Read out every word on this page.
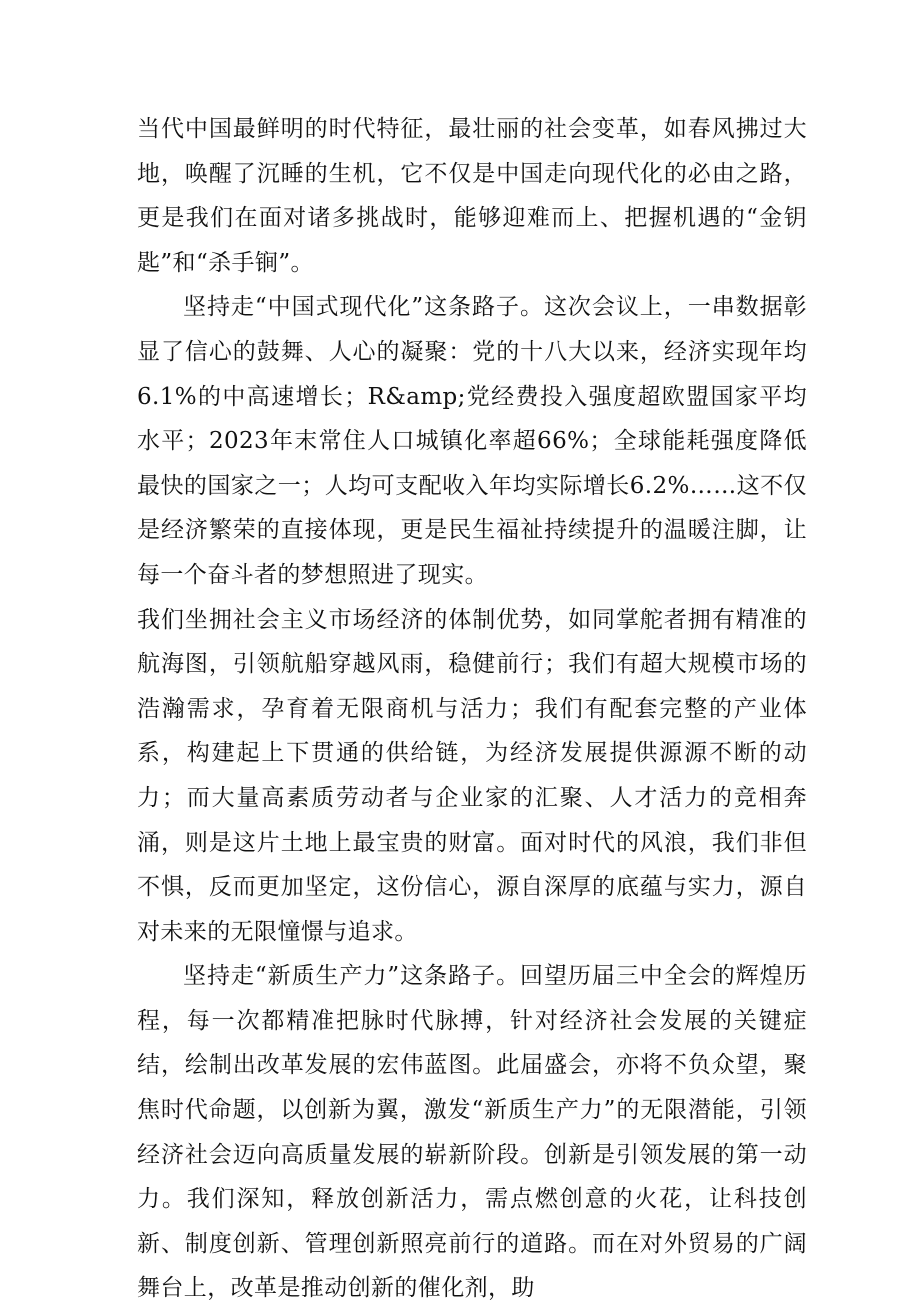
当代中国最鲜明的时代特征，最壮丽的社会变革，如春风拂过大地，唤醒了沉睡的生机，它不仅是中国走向现代化的必由之路，更是我们在面对诸多挑战时，能够迎难而上、把握机遇的“金钥匙”和“杀手锏”。

坚持走“中国式现代化”这条路子。这次会议上，一串数据彰显了信心的鼓舞、人心的凝聚：党的十八大以来，经济实现年均6.1%的中高速增长；R&amp;党经费投入强度超欧盟国家平均水平；2023年末常住人口城镇化率超66%；全球能耗强度降低最快的国家之一；人均可支配收入年均实际增长6.2%……这不仅是经济繁荣的直接体现，更是民生福祉持续提升的温暖注脚，让每一个奋斗者的梦想照进了现实。

我们坐拥社会主义市场经济的体制优势，如同掌舵者拥有精准的航海图，引领航船穿越风雨，稳健前行；我们有超大规模市场的浩瀚需求，孕育着无限商机与活力；我们有配套完整的产业体系，构建起上下贯通的供给链，为经济发展提供源源不断的动力；而大量高素质劳动者与企业家的汇聚、人才活力的竞相奔涌，则是这片土地上最宝贵的财富。面对时代的风浪，我们非但不惧，反而更加坚定，这份信心，源自深厚的底蕴与实力，源自对未来的无限憧憬与追求。

坚持走“新质生产力”这条路子。回望历届三中全会的辉煌历程，每一次都精准把脉时代脉搏，针对经济社会发展的关键症结，绘制出改革发展的宏伟蓝图。此届盛会，亦将不负众望，聚焦时代命题，以创新为翼，激发“新质生产力”的无限潜能，引领经济社会迈向高质量发展的崭新阶段。创新是引领发展的第一动力。我们深知，释放创新活力，需点燃创意的火花，让科技创新、制度创新、管理创新照亮前行的道路。而在对外贸易的广阔舞台上，改革是推动创新的催化剂，助
